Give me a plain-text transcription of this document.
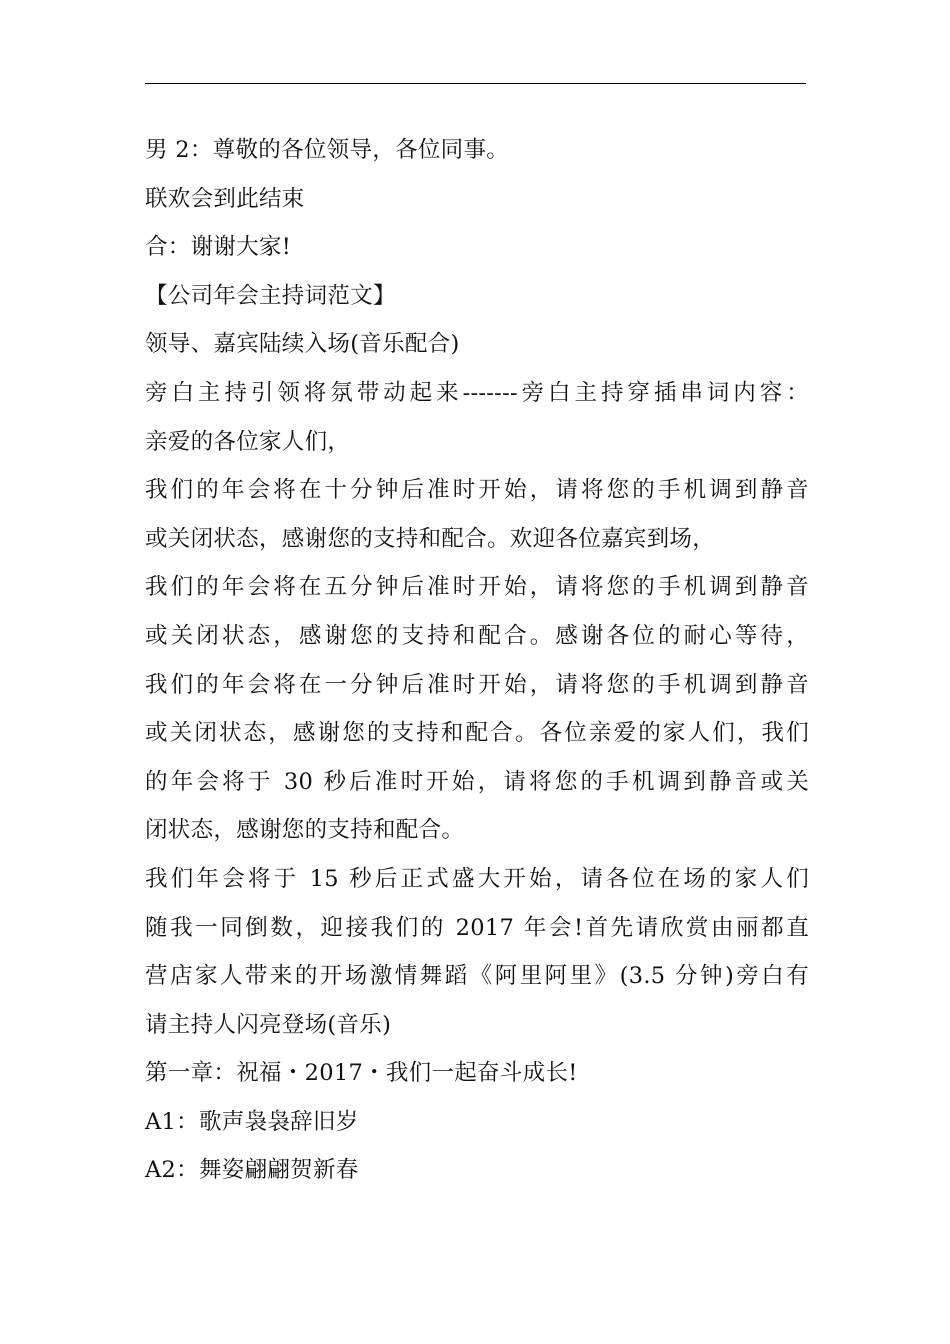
男 2：尊敬的各位领导，各位同事。
联欢会到此结束
合：谢谢大家!
【公司年会主持词范文】
领导、嘉宾陆续入场(音乐配合)
旁白主持引领将氛带动起来-------旁白主持穿插串词内容：
亲爱的各位家人们，
我们的年会将在十分钟后准时开始，请将您的手机调到静音
或关闭状态，感谢您的支持和配合。欢迎各位嘉宾到场，
我们的年会将在五分钟后准时开始，请将您的手机调到静音
或关闭状态，感谢您的支持和配合。感谢各位的耐心等待，
我们的年会将在一分钟后准时开始，请将您的手机调到静音
或关闭状态，感谢您的支持和配合。各位亲爱的家人们，我们
的年会将于 30 秒后准时开始，请将您的手机调到静音或关
闭状态，感谢您的支持和配合。
我们年会将于 15 秒后正式盛大开始，请各位在场的家人们
随我一同倒数，迎接我们的 2017 年会!首先请欣赏由丽都直
营店家人带来的开场激情舞蹈《阿里阿里》(3.5 分钟)旁白有
请主持人闪亮登场(音乐)
第一章：祝福・2017・我们一起奋斗成长!
A1：歌声袅袅辞旧岁
A2：舞姿翩翩贺新春
